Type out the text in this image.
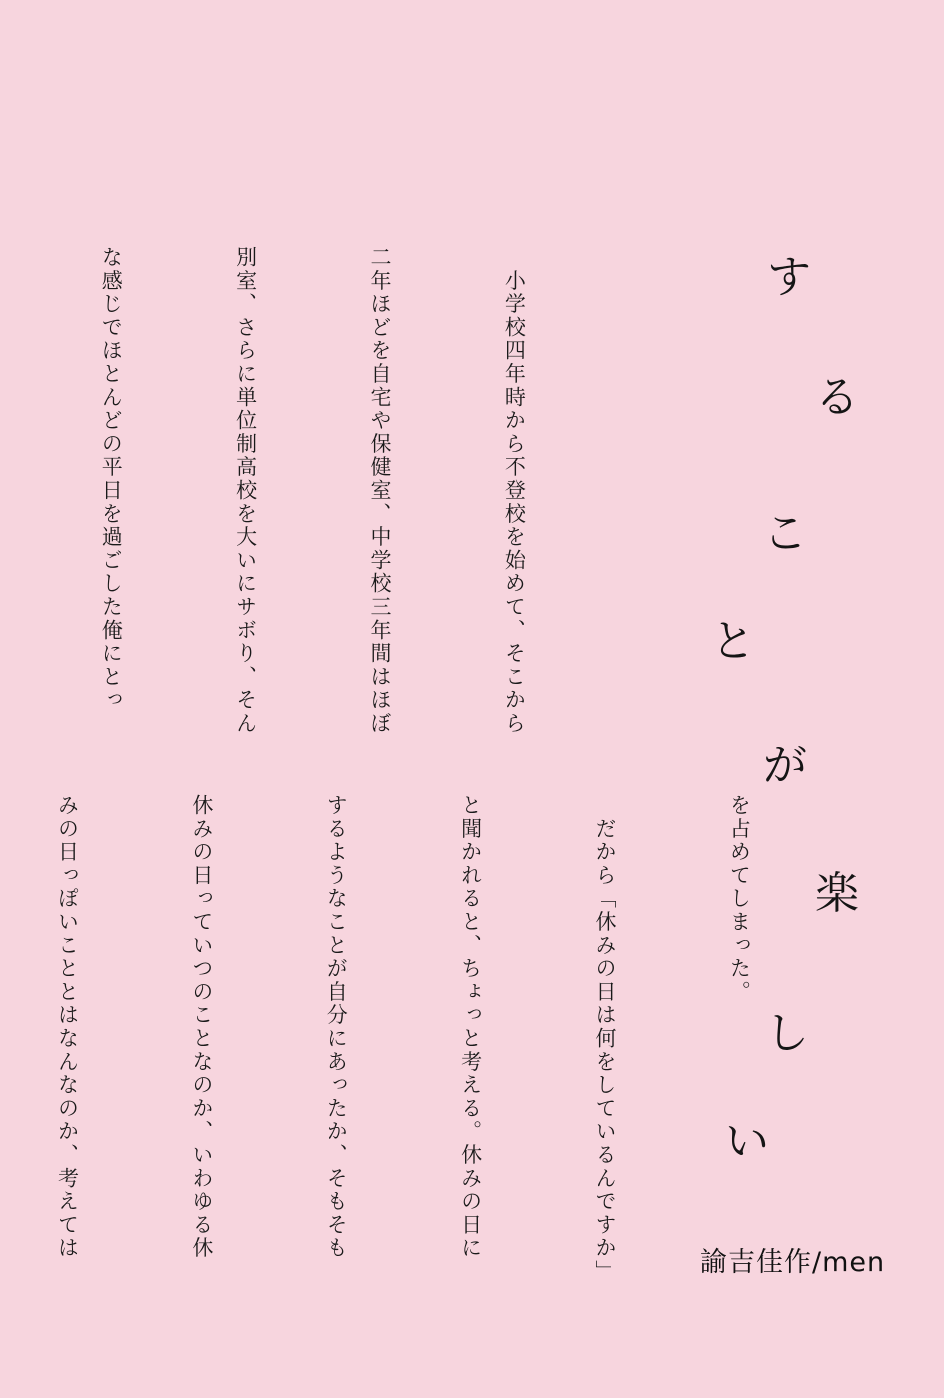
す
る
こ
と
が
楽
し
い
諭吉佳作/men

　小学校四年時から不登校を始めて、そこから

二年ほどを自宅や保健室、中学校三年間はほぼ

別室、さらに単位制高校を大いにサボり、そん

な感じでほとんどの平日を過ごした俺にとっ

を占めてしまった。

　だから「休みの日は何をしているんですか」

と聞かれると、ちょっと考える。休みの日に

するようなことが自分にあったか、そもそも

休みの日っていつのことなのか、いわゆる休

みの日っぽいこととはなんなのか、考えては
